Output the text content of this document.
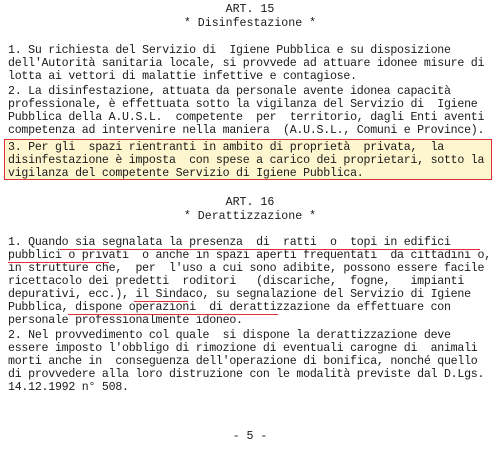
ART. 15
* Disinfestazione *
1. Su richiesta del Servizio di  Igiene Pubblica e su disposizione
dell'Autorità sanitaria locale, si provvede ad attuare idonee misure di
lotta ai vettori di malattie infettive e contagiose.
2. La disinfestazione, attuata da personale avente idonea capacità
professionale, è effettuata sotto la vigilanza del Servizio di  Igiene
Pubblica della A.U.S.L.  competente  per  territorio, dagli Enti aventi
competenza ad intervenire nella maniera  (A.U.S.L., Comuni e Province).
3. Per gli  spazi rientranti in ambito di proprietà  privata,  la
disinfestazione è imposta  con spese a carico dei proprietari, sotto la
vigilanza del competente Servizio di Igiene Pubblica.
ART. 16
* Derattizzazione *
1. Quando sia segnalata la presenza  di  ratti  o  topi in edifici
pubblici o privati  o anche in spazi aperti frequentati  da cittadini o,
in strutture che,  per  l'uso a cui sono adibite, possono essere facile
ricettacolo dei predetti  roditori   (discariche,  fogne,   impianti
depurativi, ecc.), il Sindaco, su segnalazione del Servizio di Igiene
Pubblica, dispone operazioni  di derattizzazione da effettuare con
personale professionalmente idoneo.
2. Nel provvedimento col quale  si dispone la derattizzazione deve
essere imposto l'obbligo di rimozione di eventuali carogne di  animali
morti anche in  conseguenza dell'operazione di bonifica, nonché quello
di provvedere alla loro distruzione con le modalità previste dal D.Lgs.
14.12.1992 n° 508.
- 5 -
